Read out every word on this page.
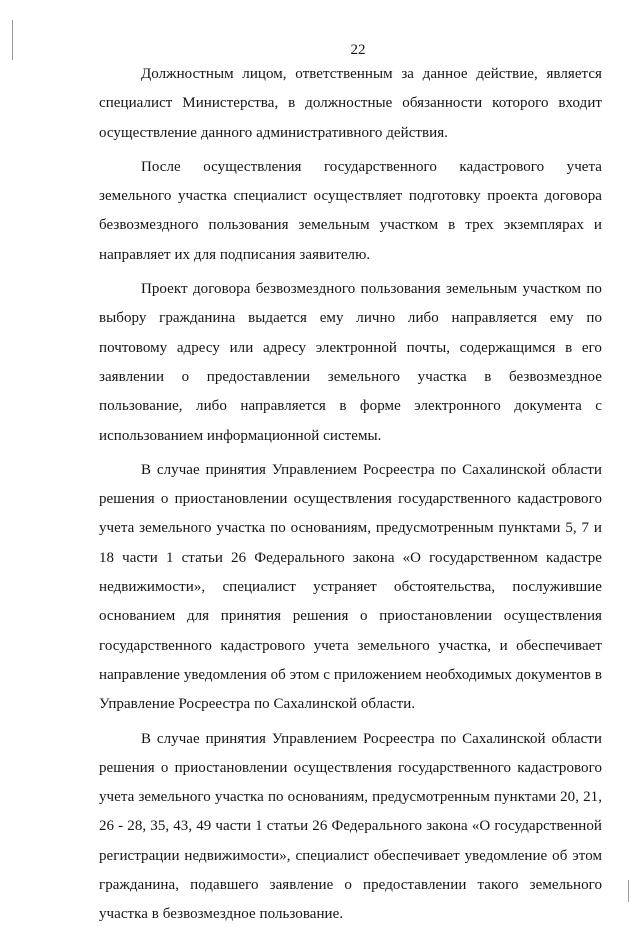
22

Должностным лицом, ответственным за данное действие, является специалист Министерства, в должностные обязанности которого входит осуществление данного административного действия.

После осуществления государственного кадастрового учета земельного участка специалист осуществляет подготовку проекта договора безвозмездного пользования земельным участком в трех экземплярах и направляет их для подписания заявителю.

Проект договора безвозмездного пользования земельным участком по выбору гражданина выдается ему лично либо направляется ему по почтовому адресу или адресу электронной почты, содержащимся в его заявлении о предоставлении земельного участка в безвозмездное пользование, либо направляется в форме электронного документа с использованием информационной системы.

В случае принятия Управлением Росреестра по Сахалинской области решения о приостановлении осуществления государственного кадастрового учета земельного участка по основаниям, предусмотренным пунктами 5, 7 и 18 части 1 статьи 26 Федерального закона «О государственном кадастре недвижимости», специалист устраняет обстоятельства, послужившие основанием для принятия решения о приостановлении осуществления государственного кадастрового учета земельного участка, и обеспечивает направление уведомления об этом с приложением необходимых документов в Управление Росреестра по Сахалинской области.

В случае принятия Управлением Росреестра по Сахалинской области решения о приостановлении осуществления государственного кадастрового учета земельного участка по основаниям, предусмотренным пунктами 20, 21, 26 - 28, 35, 43, 49 части 1 статьи 26 Федерального закона «О государственной регистрации недвижимости», специалист обеспечивает уведомление об этом гражданина, подавшего заявление о предоставлении такого земельного участка в безвозмездное пользование.
